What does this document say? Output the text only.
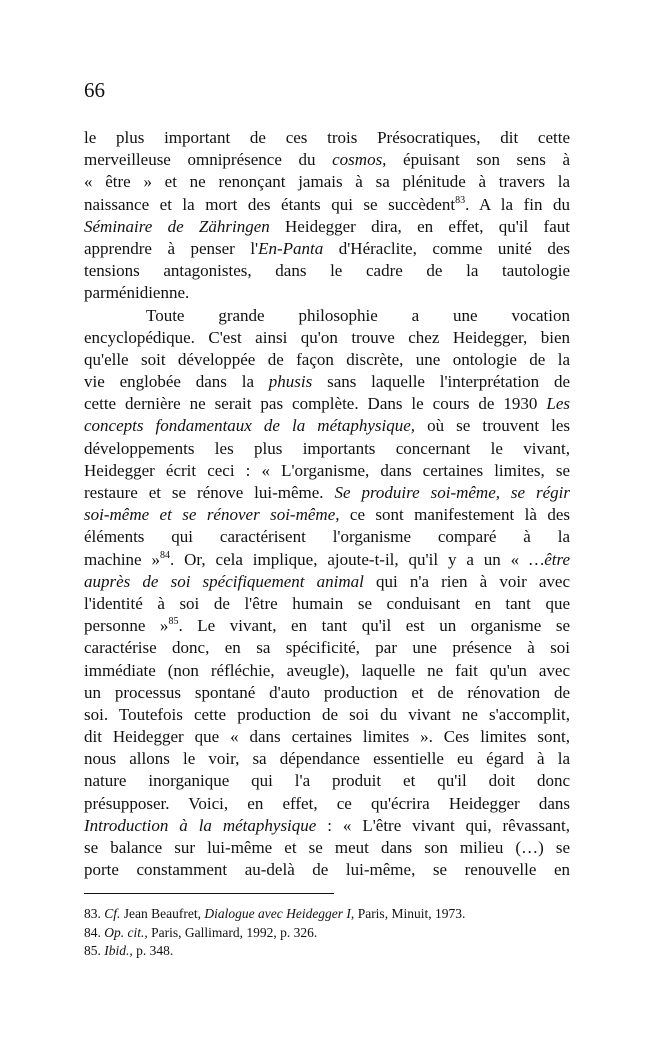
66
le plus important de ces trois Présocratiques, dit cette
merveilleuse omniprésence du cosmos, épuisant son sens à
« être » et ne renonçant jamais à sa plénitude à travers la
naissance et la mort des étants qui se succèdent$^{83}$. A la fin du
Séminaire de Zähringen Heidegger dira, en effet, qu'il faut
apprendre à penser l'En-Panta d'Héraclite, comme unité des
tensions antagonistes, dans le cadre de la tautologie
parménidienne.
Toute grande philosophie a une vocation
encyclopédique. C'est ainsi qu'on trouve chez Heidegger, bien
qu'elle soit développée de façon discrète, une ontologie de la
vie englobée dans la phusis sans laquelle l'interprétation de
cette dernière ne serait pas complète. Dans le cours de 1930 Les
concepts fondamentaux de la métaphysique, où se trouvent les
développements les plus importants concernant le vivant,
Heidegger écrit ceci : « L'organisme, dans certaines limites, se
restaure et se rénove lui-même. Se produire soi-même, se régir
soi-même et se rénover soi-même, ce sont manifestement là des
éléments qui caractérisent l'organisme comparé à la
machine »$^{84}$. Or, cela implique, ajoute-t-il, qu'il y a un « …être
auprès de soi spécifiquement animal qui n'a rien à voir avec
l'identité à soi de l'être humain se conduisant en tant que
personne »$^{85}$. Le vivant, en tant qu'il est un organisme se
caractérise donc, en sa spécificité, par une présence à soi
immédiate (non réfléchie, aveugle), laquelle ne fait qu'un avec
un processus spontané d'auto production et de rénovation de
soi. Toutefois cette production de soi du vivant ne s'accomplit,
dit Heidegger que « dans certaines limites ». Ces limites sont,
nous allons le voir, sa dépendance essentielle eu égard à la
nature inorganique qui l'a produit et qu'il doit donc
présupposer. Voici, en effet, ce qu'écrira Heidegger dans
Introduction à la métaphysique : « L'être vivant qui, rêvassant,
se balance sur lui-même et se meut dans son milieu (…) se
porte constamment au-delà de lui-même, se renouvelle en
83. Cf. Jean Beaufret, Dialogue avec Heidegger I, Paris, Minuit, 1973.
84. Op. cit., Paris, Gallimard, 1992, p. 326.
85. Ibid., p. 348.
